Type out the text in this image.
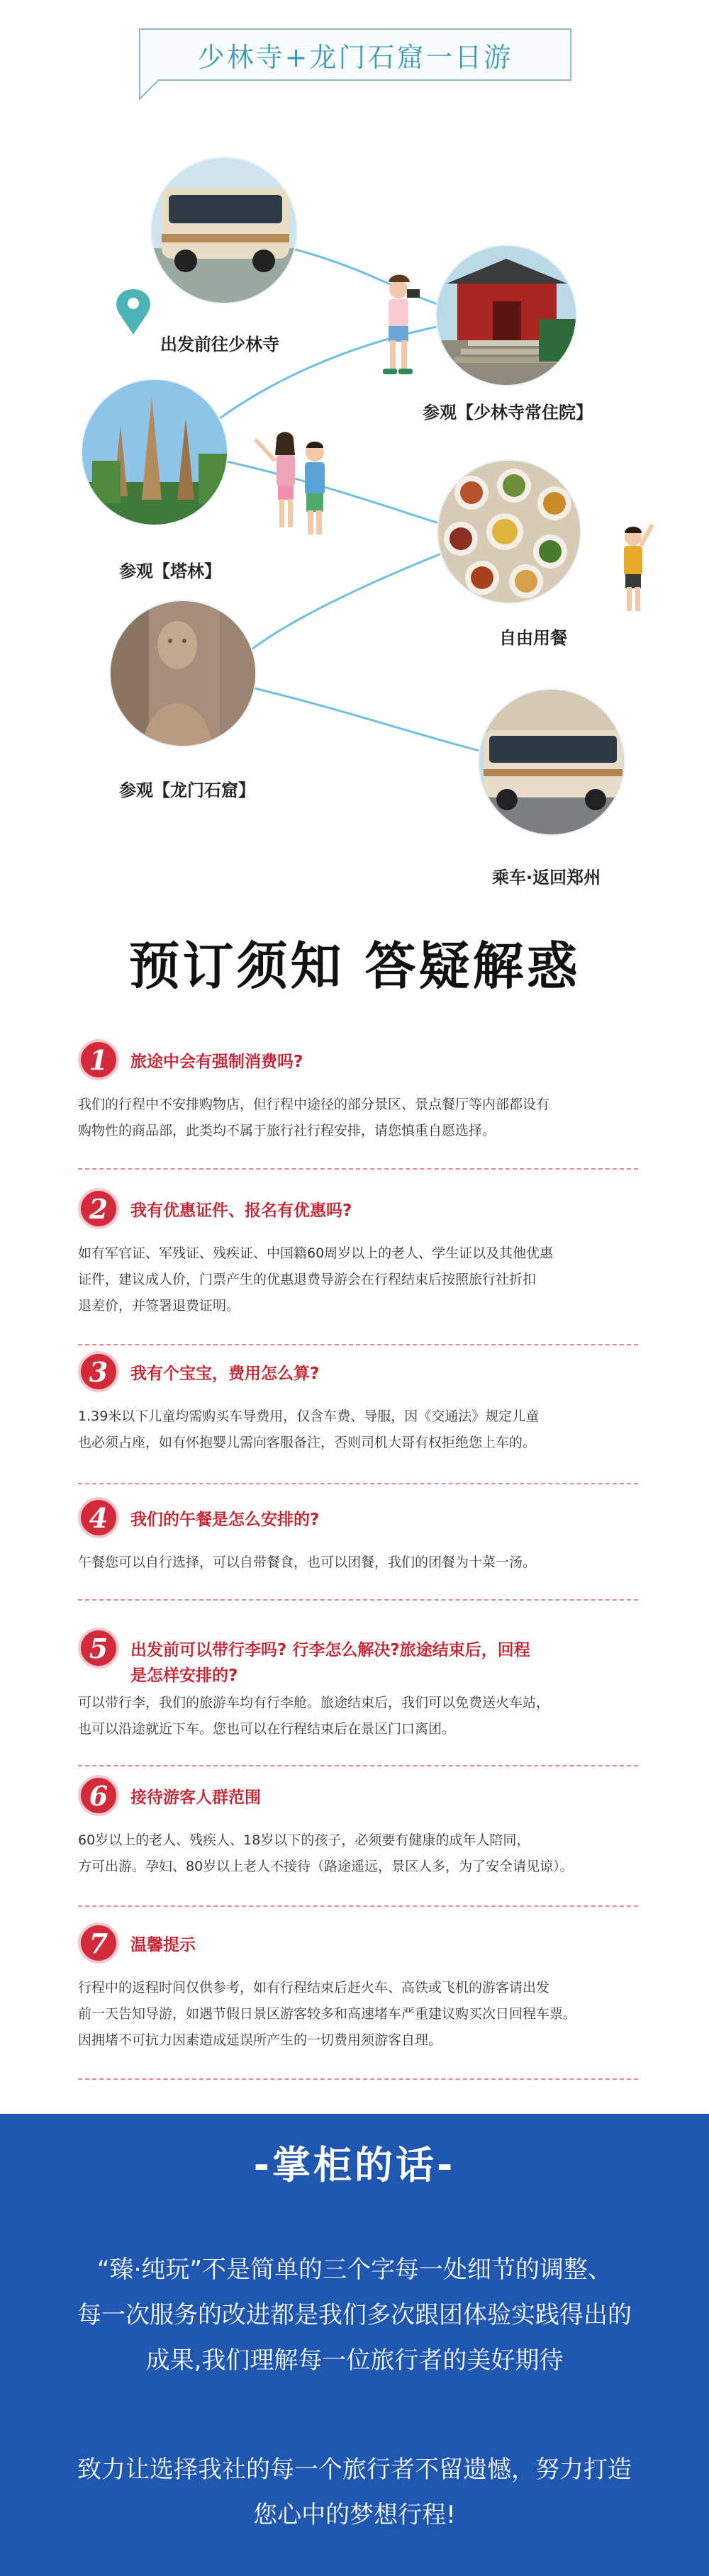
少林寺+龙门石窟一日游
出发前往少林寺
参观【少林寺常住院】
参观【塔林】
自由用餐
参观【龙门石窟】
乘车·返回郑州
预订须知 答疑解惑
1	旅途中会有强制消费吗?
我们的行程中不安排购物店，但行程中途径的部分景区、景点餐厅等内部都设有
购物性的商品部，此类均不属于旅行社行程安排，请您慎重自愿选择。
2	我有优惠证件、报名有优惠吗?
如有军官证、军残证、残疾证、中国籍60周岁以上的老人、学生证以及其他优惠
证件，建议成人价，门票产生的优惠退费导游会在行程结束后按照旅行社折扣
退差价，并签署退费证明。
3	我有个宝宝，费用怎么算?
1.39米以下儿童均需购买车导费用，仅含车费、导服，因《交通法》规定儿童
也必须占座，如有怀抱婴儿需向客服备注，否则司机大哥有权拒绝您上车的。
4	我们的午餐是怎么安排的?
午餐您可以自行选择，可以自带餐食，也可以团餐，我们的团餐为十菜一汤。
5	出发前可以带行李吗? 行李怎么解决?旅途结束后，回程
是怎样安排的?
可以带行李，我们的旅游车均有行李舱。旅途结束后，我们可以免费送火车站，
也可以沿途就近下车。您也可以在行程结束后在景区门口离团。
6	接待游客人群范围
60岁以上的老人、残疾人、18岁以下的孩子，必须要有健康的成年人陪同，
方可出游。孕妇、80岁以上老人不接待（路途遥远，景区人多，为了安全请见谅）。
7	温馨提示
行程中的返程时间仅供参考，如有行程结束后赶火车、高铁或飞机的游客请出发
前一天告知导游，如遇节假日景区游客较多和高速堵车严重建议购买次日回程车票。
因拥堵不可抗力因素造成延误所产生的一切费用须游客自理。
-掌柜的话-
“臻·纯玩”不是简单的三个字每一处细节的调整、
每一次服务的改进都是我们多次跟团体验实践得出的
成果,我们理解每一位旅行者的美好期待
致力让选择我社的每一个旅行者不留遗憾，努力打造
您心中的梦想行程!
